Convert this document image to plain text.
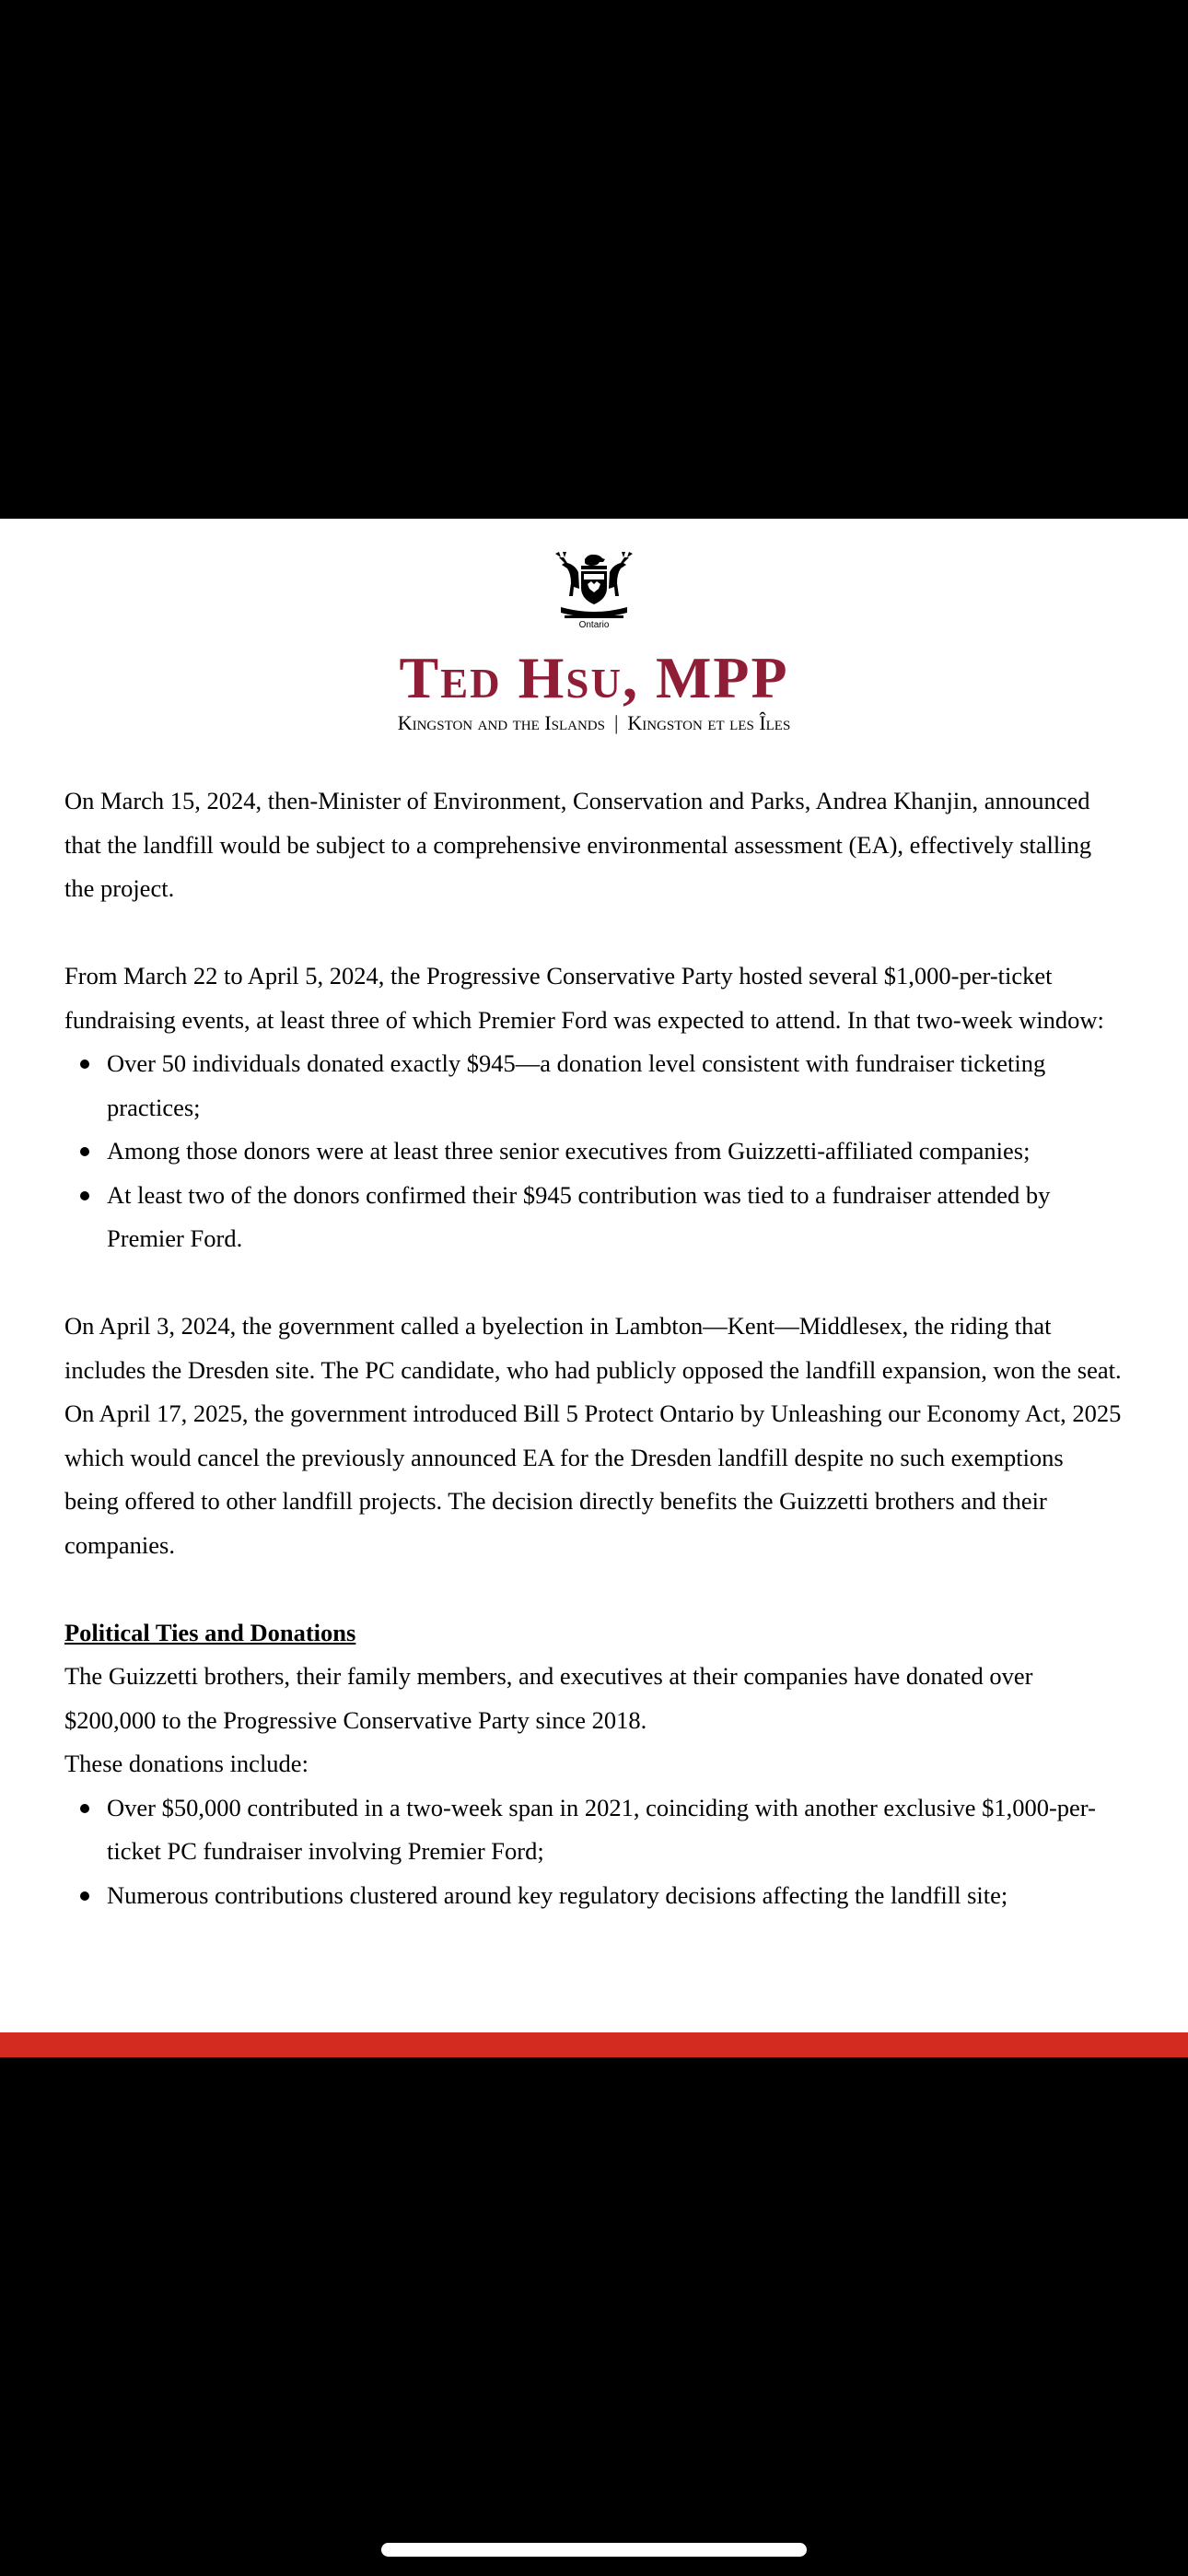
Ontario
Ted Hsu, MPP
Kingston and the Islands | Kingston et les Îles

On March 15, 2024, then-Minister of Environment, Conservation and Parks, Andrea Khanjin, announced that the landfill would be subject to a comprehensive environmental assessment (EA), effectively stalling the project.

From March 22 to April 5, 2024, the Progressive Conservative Party hosted several $1,000-per-ticket fundraising events, at least three of which Premier Ford was expected to attend. In that two-week window:

Over 50 individuals donated exactly $945—a donation level consistent with fundraiser ticketing practices;
Among those donors were at least three senior executives from Guizzetti-affiliated companies;
At least two of the donors confirmed their $945 contribution was tied to a fundraiser attended by Premier Ford.

On April 3, 2024, the government called a byelection in Lambton—Kent—Middlesex, the riding that includes the Dresden site. The PC candidate, who had publicly opposed the landfill expansion, won the seat. On April 17, 2025, the government introduced Bill 5 Protect Ontario by Unleashing our Economy Act, 2025 which would cancel the previously announced EA for the Dresden landfill despite no such exemptions being offered to other landfill projects. The decision directly benefits the Guizzetti brothers and their companies.

Political Ties and Donations

The Guizzetti brothers, their family members, and executives at their companies have donated over $200,000 to the Progressive Conservative Party since 2018.

These donations include:

Over $50,000 contributed in a two-week span in 2021, coinciding with another exclusive $1,000-per-ticket PC fundraiser involving Premier Ford;
Numerous contributions clustered around key regulatory decisions affecting the landfill site;
